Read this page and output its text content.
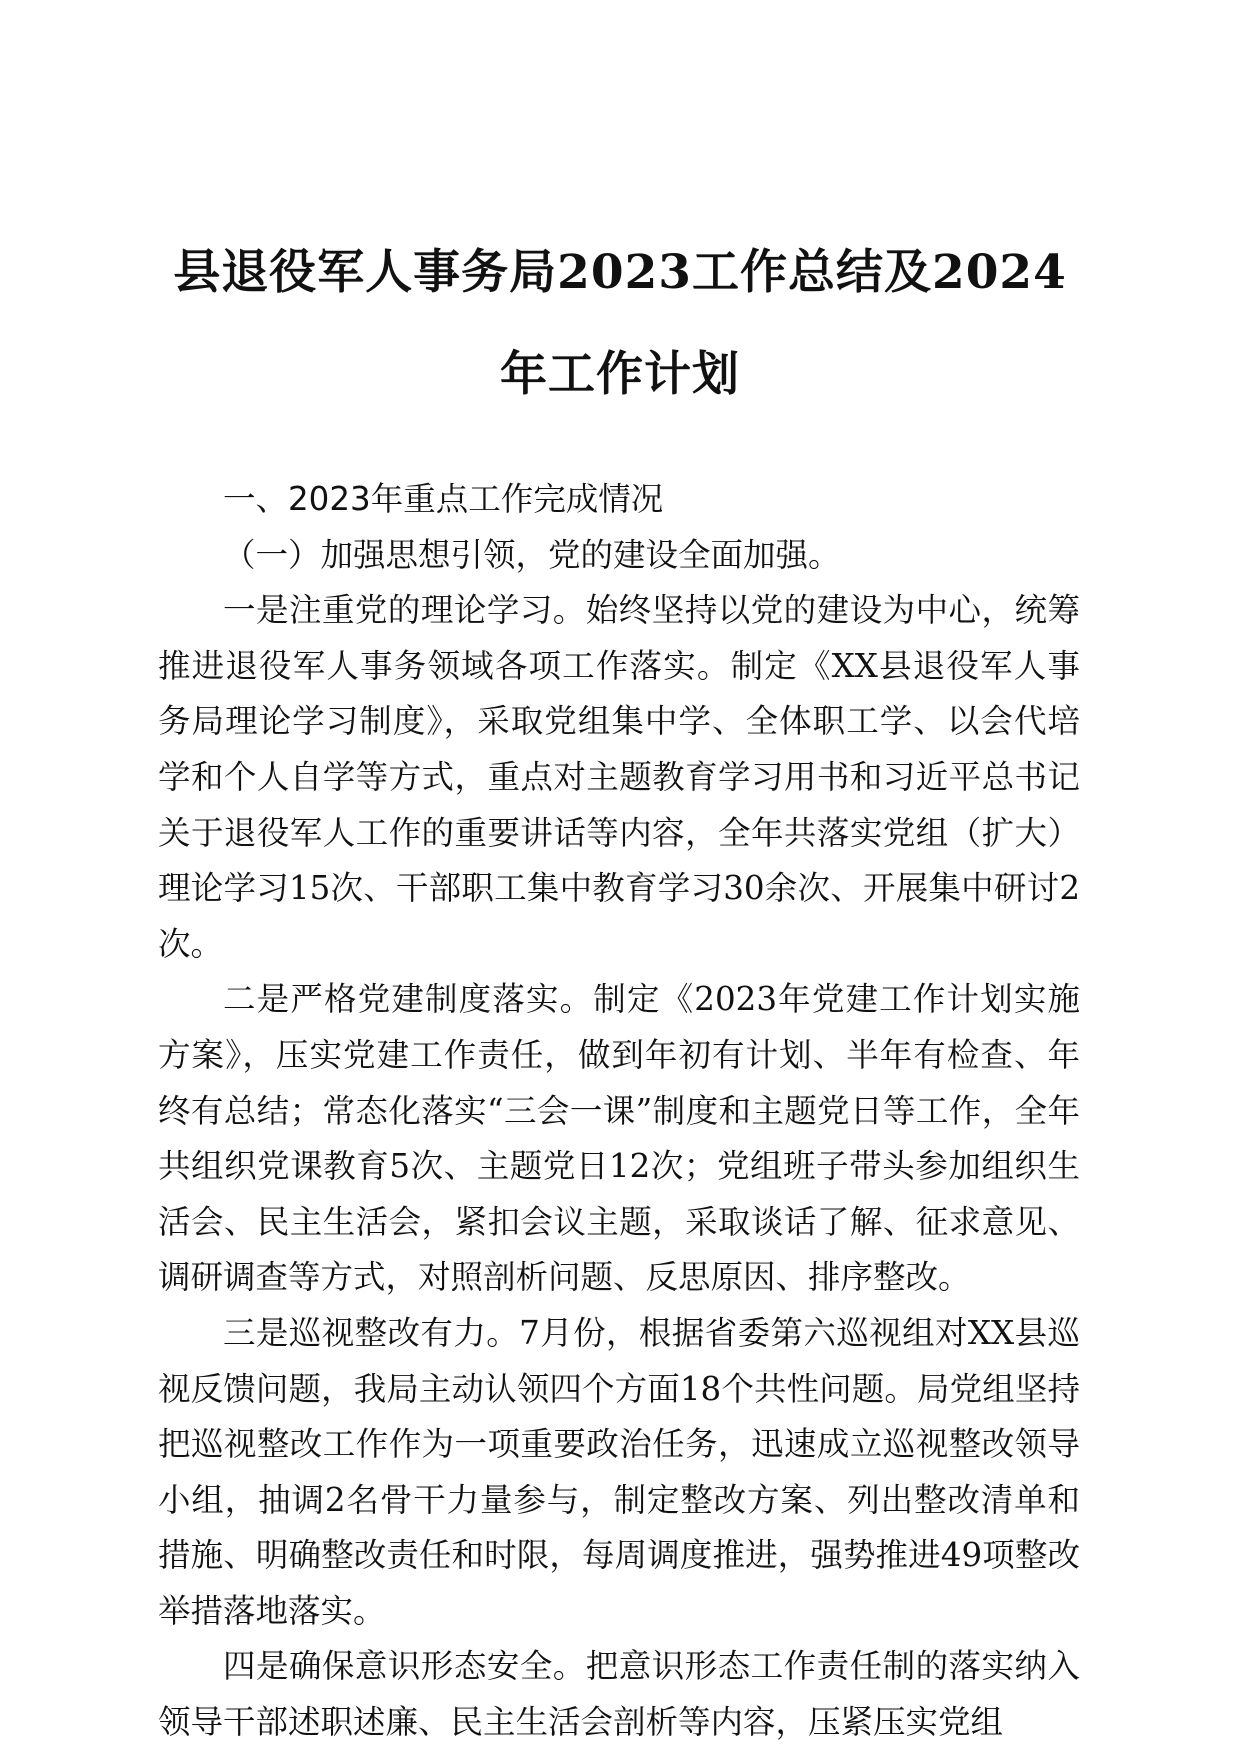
县退役军人事务局2023工作总结及2024年工作计划

一、2023年重点工作完成情况

（一）加强思想引领，党的建设全面加强。

一是注重党的理论学习。始终坚持以党的建设为中心，统筹推进退役军人事务领域各项工作落实。制定《XX县退役军人事务局理论学习制度》，采取党组集中学、全体职工学、以会代培学和个人自学等方式，重点对主题教育学习用书和习近平总书记关于退役军人工作的重要讲话等内容，全年共落实党组（扩大）理论学习15次、干部职工集中教育学习30余次、开展集中研讨2次。

二是严格党建制度落实。制定《2023年党建工作计划实施方案》，压实党建工作责任，做到年初有计划、半年有检查、年终有总结；常态化落实“三会一课”制度和主题党日等工作，全年共组织党课教育5次、主题党日12次；党组班子带头参加组织生活会、民主生活会，紧扣会议主题，采取谈话了解、征求意见、调研调查等方式，对照剖析问题、反思原因、排序整改。

三是巡视整改有力。7月份，根据省委第六巡视组对XX县巡视反馈问题，我局主动认领四个方面18个共性问题。局党组坚持把巡视整改工作作为一项重要政治任务，迅速成立巡视整改领导小组，抽调2名骨干力量参与，制定整改方案、列出整改清单和措施、明确整改责任和时限，每周调度推进，强势推进49项整改举措落地落实。

四是确保意识形态安全。把意识形态工作责任制的落实纳入领导干部述职述廉、民主生活会剖析等内容，压紧压实党组
